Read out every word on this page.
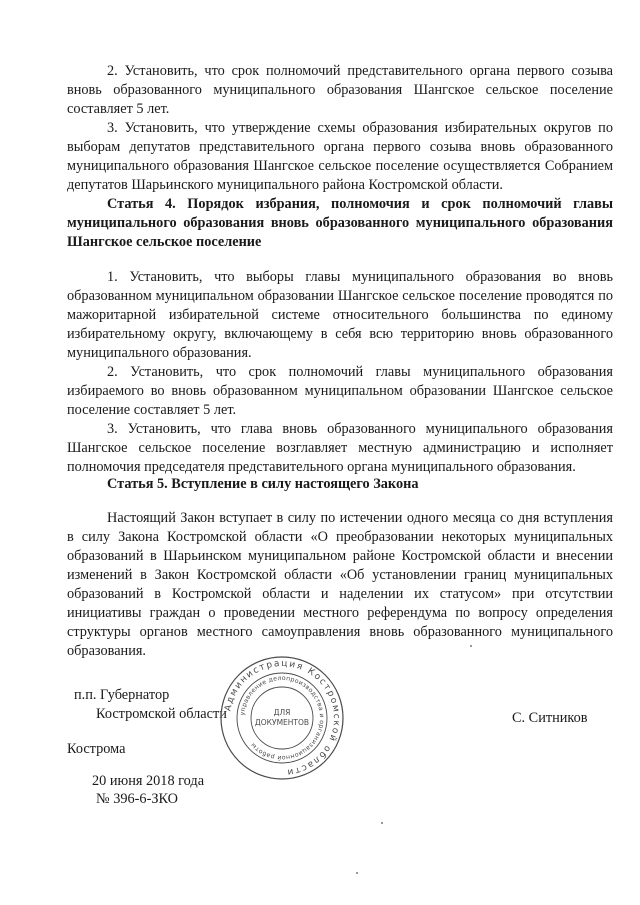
2. Установить, что срок полномочий представительного органа первого созыва вновь образованного муниципального образования Шангское сельское поселение составляет 5 лет.

3. Установить, что утверждение схемы образования избирательных округов по выборам депутатов представительного органа первого созыва вновь образованного муниципального образования Шангское сельское поселение осуществляется Собранием депутатов Шарьинского муниципального района Костромской области.

Статья 4. Порядок избрания, полномочия и срок полномочий главы муниципального образования вновь образованного муниципального образования Шангское сельское поселение

1. Установить, что выборы главы муниципального образования во вновь образованном муниципальном образовании Шангское сельское поселение проводятся по мажоритарной избирательной системе относительного большинства по единому избирательному округу, включающему в себя всю территорию вновь образованного муниципального образования.

2. Установить, что срок полномочий главы муниципального образования избираемого во вновь образованном муниципальном образовании Шангское сельское поселение составляет 5 лет.

3. Установить, что глава вновь образованного муниципального образования Шангское сельское поселение возглавляет местную администрацию и исполняет полномочия председателя представительного органа муниципального образования.

Статья 5. Вступление в силу настоящего Закона

Настоящий Закон вступает в силу по истечении одного месяца со дня вступления в силу Закона Костромской области «О преобразовании некоторых муниципальных образований в Шарьинском муниципальном районе Костромской области и внесении изменений в Закон Костромской области «Об установлении границ муниципальных образований в Костромской области и наделении их статусом» при отсутствии инициативы граждан о проведении местного референдума по вопросу определения структуры органов местного самоуправления вновь образованного муниципального образования.

п.п. Губернатор
Костромской области	С. Ситников
Кострома
20 июня 2018 года
№ 396-6-ЗКО
Администрация Костромской области
управление делопроизводства и организационной работы
ДЛЯ
ДОКУМЕНТОВ
